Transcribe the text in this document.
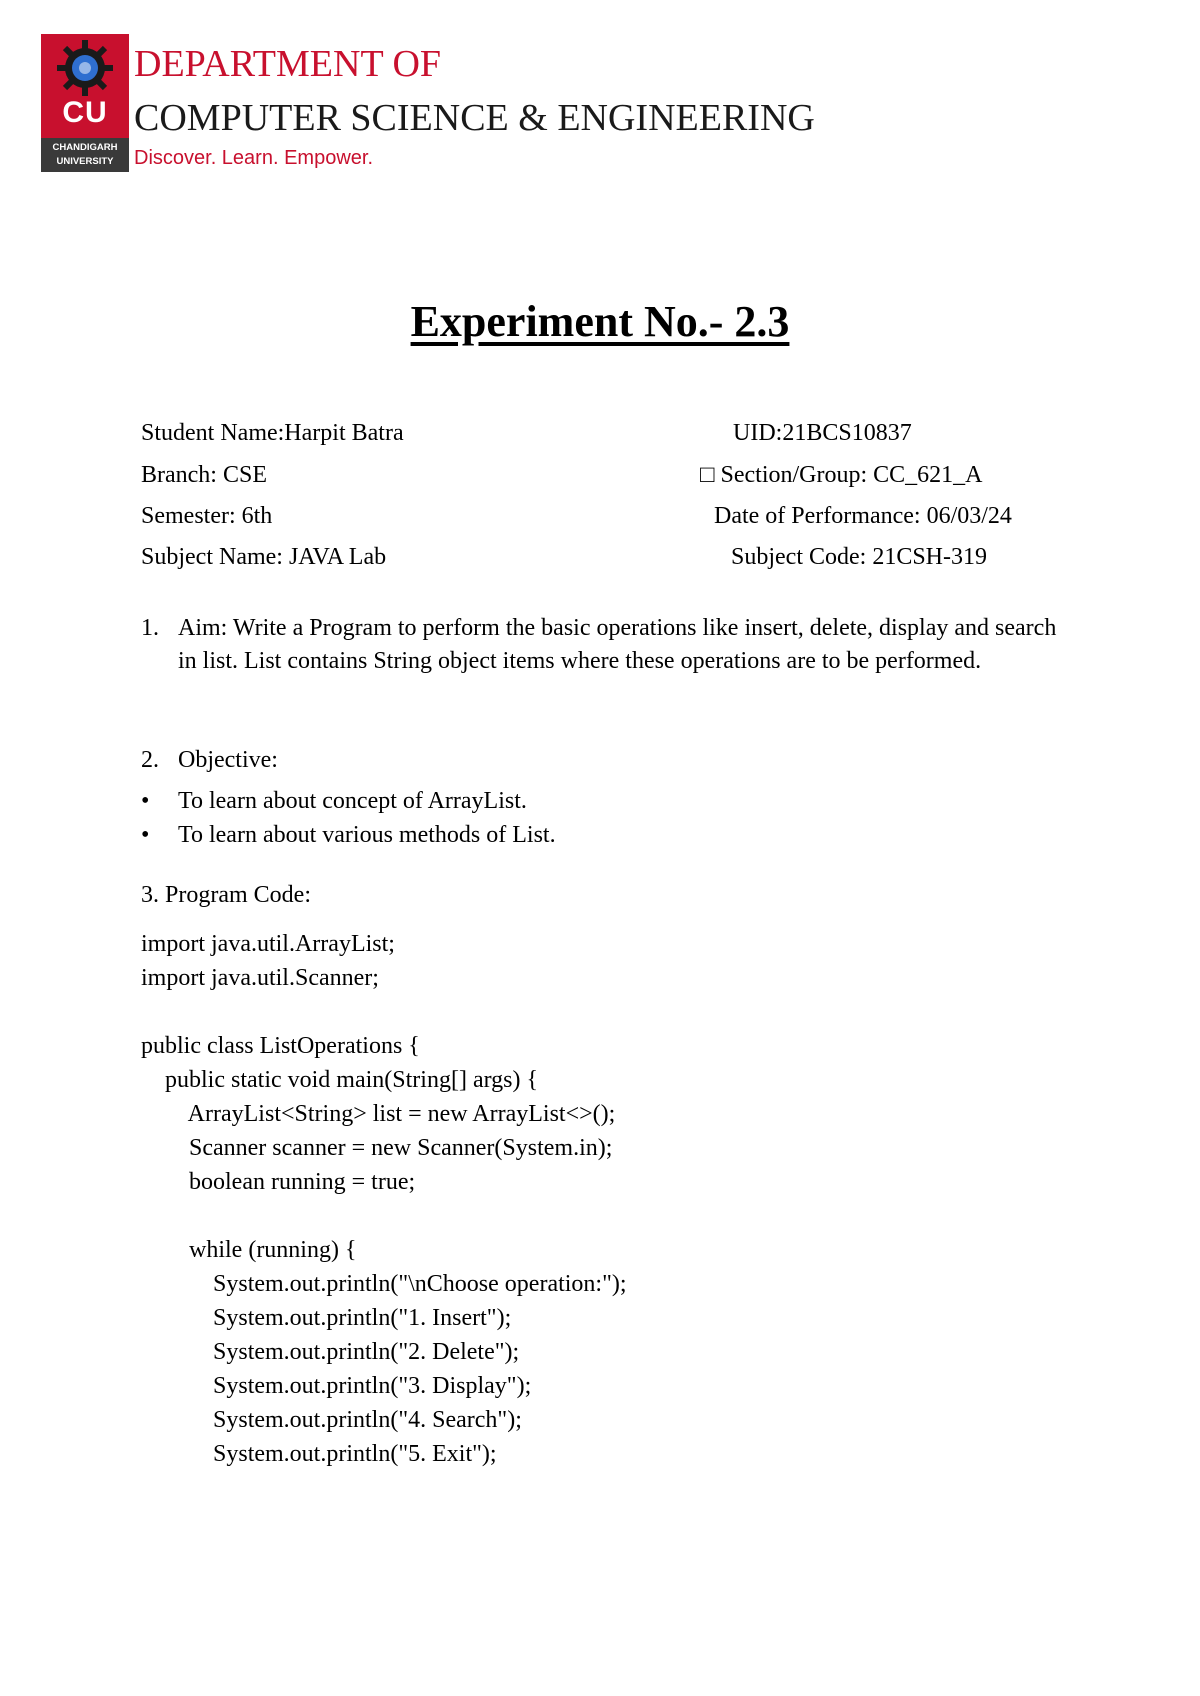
CU
CHANDIGARH UNIVERSITY
DEPARTMENT OF
COMPUTER SCIENCE & ENGINEERING
Discover. Learn. Empower.
Experiment No.- 2.3
Student Name:Harpit Batra	UID:21BCS10837
Branch: CSE	□ Section/Group: CC_621_A
Semester: 6th	Date of Performance: 06/03/24
Subject Name: JAVA Lab	Subject Code: 21CSH-319
1. Aim: Write a Program to perform the basic operations like insert, delete, display and search in list. List contains String object items where these operations are to be performed.
2. Objective:
• To learn about concept of ArrayList.
• To learn about various methods of List.
3. Program Code:
import java.util.ArrayList;
import java.util.Scanner;
public class ListOperations {
public static void main(String[] args) {
ArrayList<String> list = new ArrayList<>();
Scanner scanner = new Scanner(System.in);
boolean running = true;
while (running) {
System.out.println("\nChoose operation:");
System.out.println("1. Insert");
System.out.println("2. Delete");
System.out.println("3. Display");
System.out.println("4. Search");
System.out.println("5. Exit");
